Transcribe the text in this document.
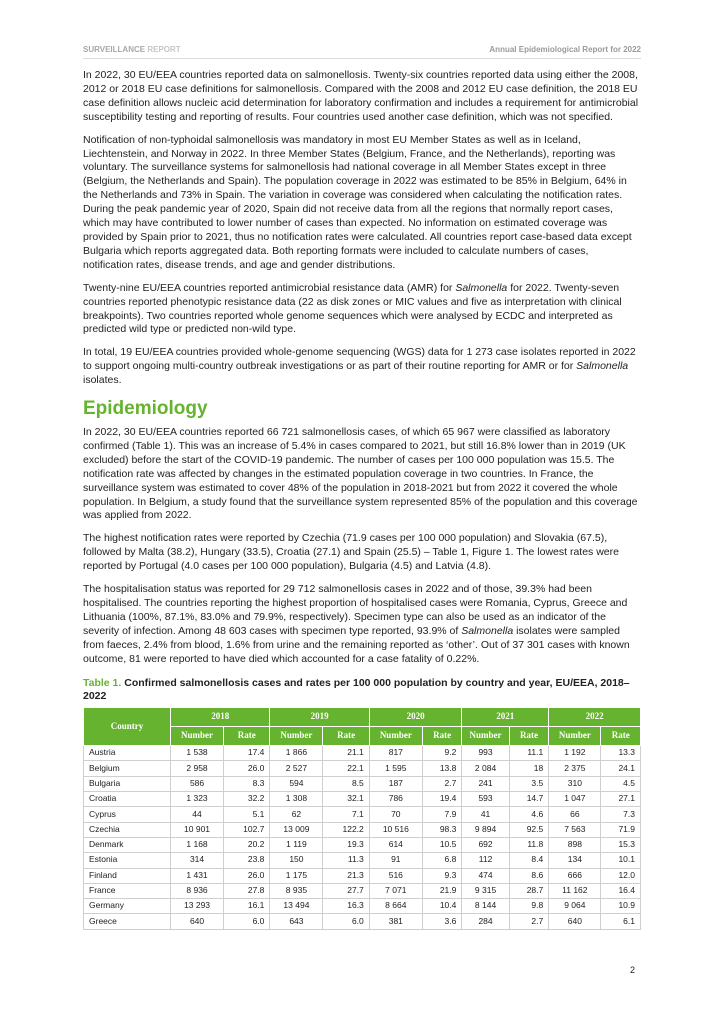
SURVEILLANCE REPORT	Annual Epidemiological Report for 2022

In 2022, 30 EU/EEA countries reported data on salmonellosis. Twenty-six countries reported data using either the 2008, 2012 or 2018 EU case definitions for salmonellosis. Compared with the 2008 and 2012 EU case definition, the 2018 EU case definition allows nucleic acid determination for laboratory confirmation and includes a requirement for antimicrobial susceptibility testing and reporting of results. Four countries used another case definition, which was not specified.

Notification of non-typhoidal salmonellosis was mandatory in most EU Member States as well as in Iceland, Liechtenstein, and Norway in 2022. In three Member States (Belgium, France, and the Netherlands), reporting was voluntary. The surveillance systems for salmonellosis had national coverage in all Member States except in three (Belgium, the Netherlands and Spain). The population coverage in 2022 was estimated to be 85% in Belgium, 64% in the Netherlands and 73% in Spain. The variation in coverage was considered when calculating the notification rates. During the peak pandemic year of 2020, Spain did not receive data from all the regions that normally report cases, which may have contributed to lower number of cases than expected. No information on estimated coverage was provided by Spain prior to 2021, thus no notification rates were calculated. All countries report case-based data except Bulgaria which reports aggregated data. Both reporting formats were included to calculate numbers of cases, notification rates, disease trends, and age and gender distributions.

Twenty-nine EU/EEA countries reported antimicrobial resistance data (AMR) for Salmonella for 2022. Twenty-seven countries reported phenotypic resistance data (22 as disk zones or MIC values and five as interpretation with clinical breakpoints). Two countries reported whole genome sequences which were analysed by ECDC and interpreted as predicted wild type or predicted non-wild type.

In total, 19 EU/EEA countries provided whole-genome sequencing (WGS) data for 1 273 case isolates reported in 2022 to support ongoing multi-country outbreak investigations or as part of their routine reporting for AMR or for Salmonella isolates.

Epidemiology

In 2022, 30 EU/EEA countries reported 66 721 salmonellosis cases, of which 65 967 were classified as laboratory confirmed (Table 1). This was an increase of 5.4% in cases compared to 2021, but still 16.8% lower than in 2019 (UK excluded) before the start of the COVID-19 pandemic. The number of cases per 100 000 population was 15.5. The notification rate was affected by changes in the estimated population coverage in two countries. In France, the surveillance system was estimated to cover 48% of the population in 2018-2021 but from 2022 it covered the whole population. In Belgium, a study found that the surveillance system represented 85% of the population and this coverage was applied from 2022.

The highest notification rates were reported by Czechia (71.9 cases per 100 000 population) and Slovakia (67.5), followed by Malta (38.2), Hungary (33.5), Croatia (27.1) and Spain (25.5) – Table 1, Figure 1. The lowest rates were reported by Portugal (4.0 cases per 100 000 population), Bulgaria (4.5) and Latvia (4.8).

The hospitalisation status was reported for 29 712 salmonellosis cases in 2022 and of those, 39.3% had been hospitalised. The countries reporting the highest proportion of hospitalised cases were Romania, Cyprus, Greece and Lithuania (100%, 87.1%, 83.0% and 79.9%, respectively). Specimen type can also be used as an indicator of the severity of infection. Among 48 603 cases with specimen type reported, 93.9% of Salmonella isolates were sampled from faeces, 2.4% from blood, 1.6% from urine and the remaining reported as ‘other’. Out of 37 301 cases with known outcome, 81 were reported to have died which accounted for a case fatality of 0.22%.

Table 1. Confirmed salmonellosis cases and rates per 100 000 population by country and year, EU/EEA, 2018–2022
Country	2018		2019		2020		2021		2022	
	Number	Rate	Number	Rate	Number	Rate	Number	Rate	Number	Rate
Austria	1 538	17.4	1 866	21.1	817	9.2	993	11.1	1 192	13.3
Belgium	2 958	26.0	2 527	22.1	1 595	13.8	2 084	18	2 375	24.1
Bulgaria	586	8.3	594	8.5	187	2.7	241	3.5	310	4.5
Croatia	1 323	32.2	1 308	32.1	786	19.4	593	14.7	1 047	27.1
Cyprus	44	5.1	62	7.1	70	7.9	41	4.6	66	7.3
Czechia	10 901	102.7	13 009	122.2	10 516	98.3	9 894	92.5	7 563	71.9
Denmark	1 168	20.2	1 119	19.3	614	10.5	692	11.8	898	15.3
Estonia	314	23.8	150	11.3	91	6.8	112	8.4	134	10.1
Finland	1 431	26.0	1 175	21.3	516	9.3	474	8.6	666	12.0
France	8 936	27.8	8 935	27.7	7 071	21.9	9 315	28.7	11 162	16.4
Germany	13 293	16.1	13 494	16.3	8 664	10.4	8 144	9.8	9 064	10.9
Greece	640	6.0	643	6.0	381	3.6	284	2.7	640	6.1
2
